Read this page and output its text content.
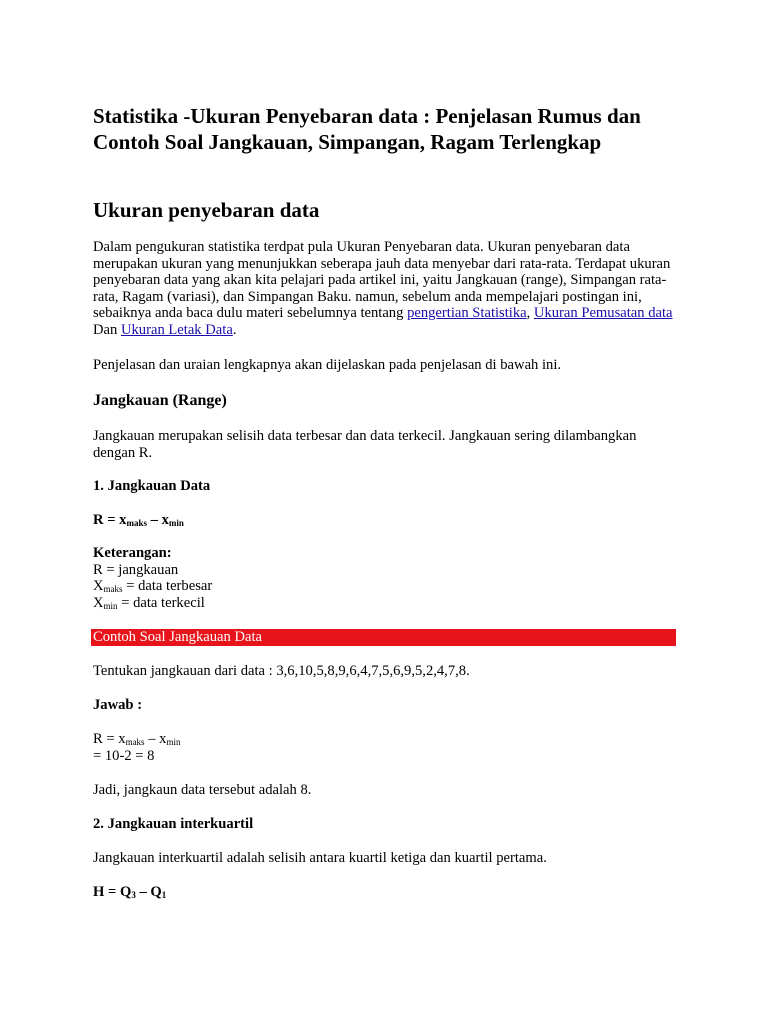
Statistika -Ukuran Penyebaran data : Penjelasan Rumus dan Contoh Soal Jangkauan, Simpangan, Ragam Terlengkap
Ukuran penyebaran data

Dalam pengukuran statistika terdpat pula Ukuran Penyebaran data. Ukuran penyebaran data merupakan ukuran yang menunjukkan seberapa jauh data menyebar dari rata-rata. Terdapat ukuran penyebaran data yang akan kita pelajari pada artikel ini, yaitu Jangkauan (range), Simpangan rata-rata, Ragam (variasi), dan Simpangan Baku. namun, sebelum anda mempelajari postingan ini, sebaiknya anda baca dulu materi sebelumnya tentang pengertian Statistika, Ukuran Pemusatan data Dan Ukuran Letak Data.

Penjelasan dan uraian lengkapnya akan dijelaskan pada penjelasan di bawah ini.

Jangkauan (Range)

Jangkauan merupakan selisih data terbesar dan data terkecil. Jangkauan sering dilambangkan dengan R.

1. Jangkauan Data

$R = x_{maks} - x_{min}$

Keterangan:
R = jangkauan
$X_{maks}$ = data terbesar
$X_{min}$ = data terkecil
Contoh Soal Jangkauan Data

Tentukan jangkauan dari data : 3,6,10,5,8,9,6,4,7,5,6,9,5,2,4,7,8.

Jawab :

$R = x_{maks} - x_{min}$
= 10-2 = 8

Jadi, jangkaun data tersebut adalah 8.

2. Jangkauan interkuartil

Jangkauan interkuartil adalah selisih antara kuartil ketiga dan kuartil pertama.

$H = Q_3 - Q_1$
